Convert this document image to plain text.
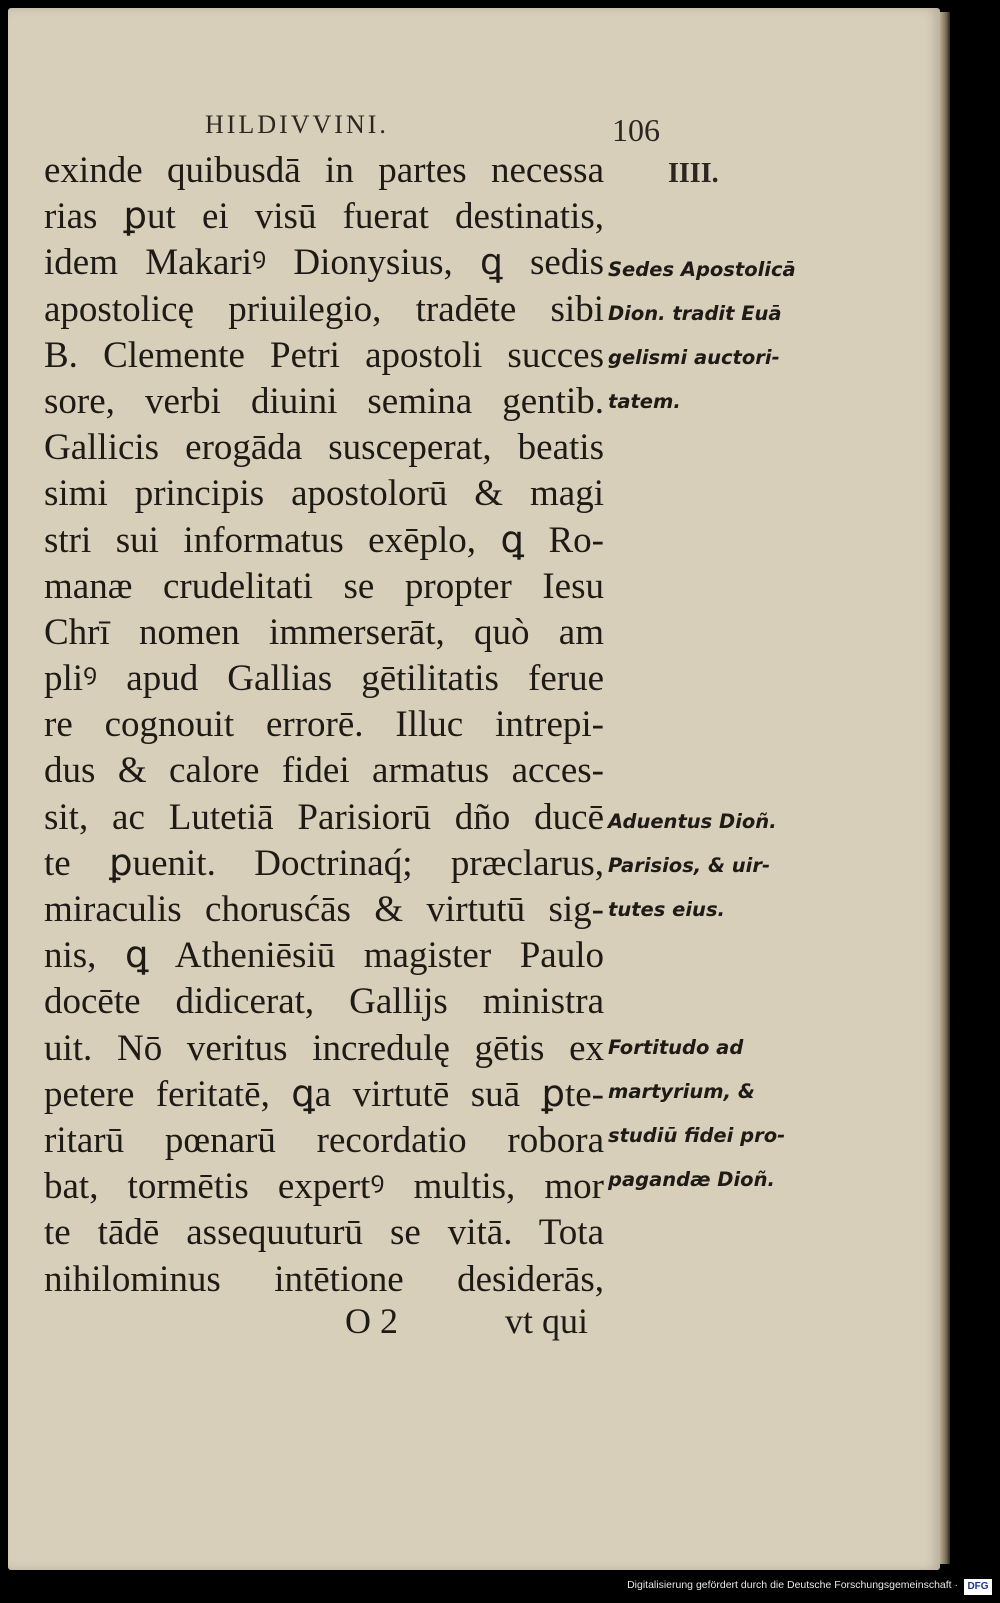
HILDIVVINI.	106
IIII.
exinde quibusdā in partes necessa
rias ꝑut ei visū fuerat destinatis,
idem Makariꝰ Dionysius, ꝗ sedis
apostolicę priuilegio, tradēte sibi
B. Clemente Petri apostoli succes
sore, verbi diuini semina gentib.
Gallicis erogāda susceperat, beatis
simi principis apostolorū & magi
stri sui informatus exēplo, ꝗ Ro-
manæ crudelitati se propter Iesu
Chrī nomen immerserāt, quò am
pliꝰ apud Gallias gētilitatis ferue
re cognouit errorē. Illuc intrepi-
dus & calore fidei armatus acces-
sit, ac Lutetiā Parisiorū dño ducē
te ꝑuenit. Doctrinaq́; præclarus,
miraculis chorusćās & virtutū sig-
nis, ꝗ Atheniēsiū magister Paulo
docēte didicerat, Gallijs ministra
uit. Nō veritus incredulę gētis ex
petere feritatē, ꝗa virtutē suā ꝑte-
ritarū pœnarū recordatio robora
bat, tormētis expertꝰ multis, mor
te tādē assequuturū se vitā. Tota
nihilominus intētione desiderās,
Sedes Apostolicā
Dion. tradit Euā
gelismi auctori-
tatem.
Aduentus Dioñ.
Parisios, & uir-
tutes eius.
Fortitudo ad
martyrium, &
studiū fidei pro-
pagandæ Dioñ.
O 2	vt qui
Digitalisierung gefördert durch die Deutsche Forschungsgemeinschaft · DFG
